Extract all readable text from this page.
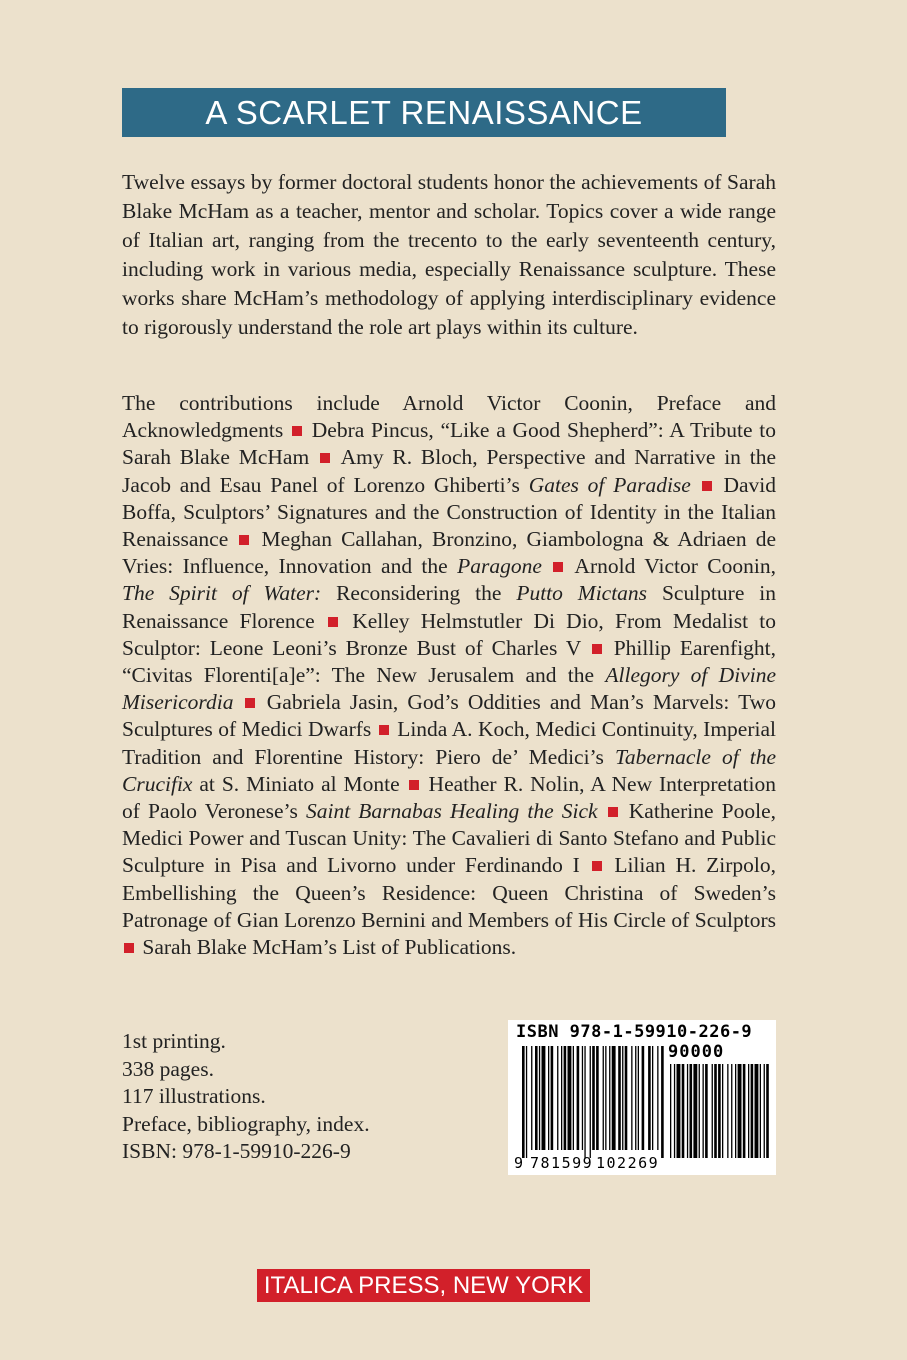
A SCARLET RENAISSANCE

Twelve essays by former doctoral students honor the achievements of Sarah Blake McHam as a teacher, mentor and scholar. Topics cover a wide range of Italian art, ranging from the trecento to the early seventeenth century, including work in various media, especially Renaissance sculpture. These works share McHam’s methodology of applying interdisciplinary evidence to rigorously understand the role art plays within its culture.

The contributions include Arnold Victor Coonin, Preface and Acknowledgments Debra Pincus, “Like a Good Shepherd”: A Tribute to Sarah Blake McHam Amy R. Bloch, Perspective and Narrative in the Jacob and Esau Panel of Lorenzo Ghiberti’s Gates of Paradise David Boffa, Sculptors’ Signatures and the Construction of Identity in the Italian Renaissance Meghan Callahan, Bronzino, Giambologna & Adriaen de Vries: Influence, Innovation and the Paragone Arnold Victor Coonin, The Spirit of Water: Reconsidering the Putto Mictans Sculpture in Renaissance Florence Kelley Helmstutler Di Dio, From Medalist to Sculptor: Leone Leoni’s Bronze Bust of Charles V Phillip Earenfight, “Civitas Florenti[a]e”: The New Jerusalem and the Allegory of Divine Misericordia Gabriela Jasin, God’s Oddities and Man’s Marvels: Two Sculptures of Medici Dwarfs Linda A. Koch, Medici Continuity, Imperial Tradition and Florentine History: Piero de’ Medici’s Tabernacle of the Crucifix at S. Miniato al Monte Heather R. Nolin, A New Interpretation of Paolo Veronese’s Saint Barnabas Healing the Sick Katherine Poole, Medici Power and Tuscan Unity: The Cavalieri di Santo Stefano and Public Sculpture in Pisa and Livorno under Ferdinando I Lilian H. Zirpolo, Embellishing the Queen’s Residence: Queen Christina of Sweden’s Patronage of Gian Lorenzo Bernini and Members of His Circle of Sculptors  Sarah Blake McHam’s List of Publications.

1st printing.
338 pages.
117 illustrations.
Preface, bibliography, index.
ISBN: 978-1-59910-226-9
ISBN 978-1-59910-226-9
90000
9 781599 102269
ITALICA PRESS, NEW YORK
